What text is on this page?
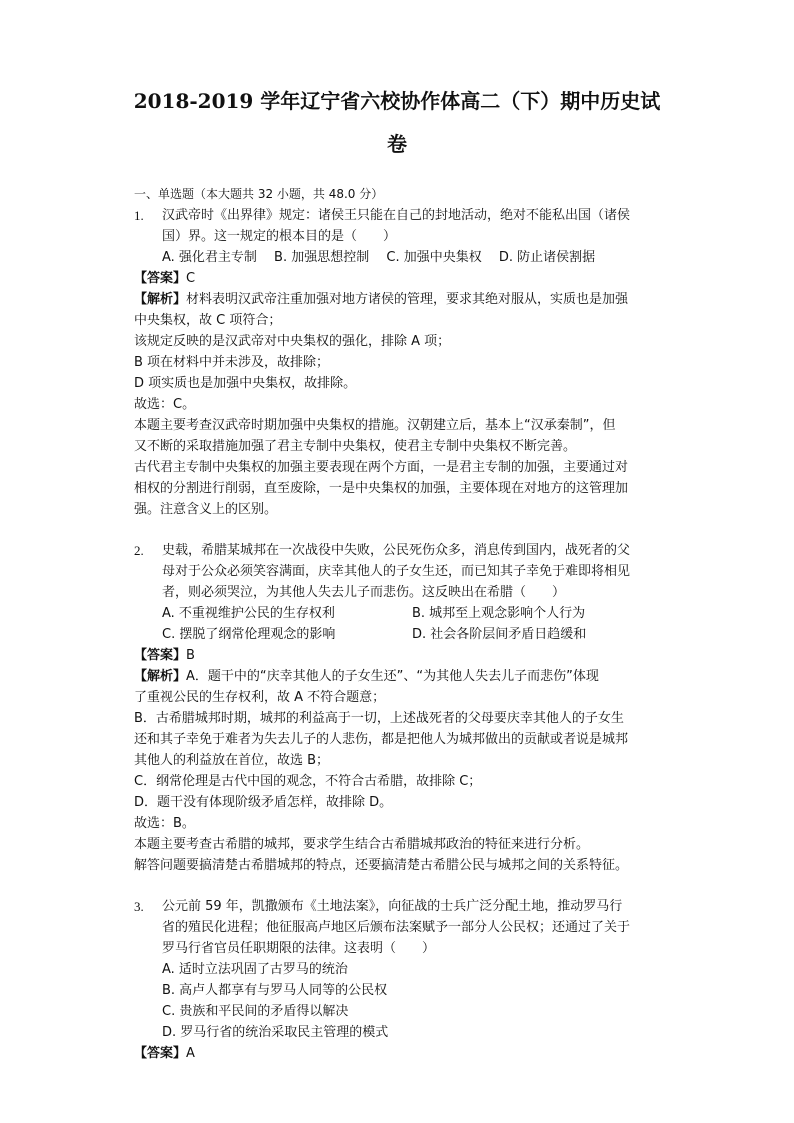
2018-2019 学年辽宁省六校协作体高二（下）期中历史试
卷
一、单选题（本大题共 32 小题，共 48.0 分）
1. 汉武帝时《出界律》规定：诸侯王只能在自己的封地活动，绝对不能私出国（诸侯
国）界。这一规定的根本目的是（　　）
A. 强化君主专制　 B. 加强思想控制　 C. 加强中央集权　 D. 防止诸侯割据
【答案】C
【解析】材料表明汉武帝注重加强对地方诸侯的管理，要求其绝对服从，实质也是加强
中央集权，故 C 项符合；
该规定反映的是汉武帝对中央集权的强化，排除 A 项；
B 项在材料中并未涉及，故排除；
D 项实质也是加强中央集权，故排除。
故选：C。
本题主要考查汉武帝时期加强中央集权的措施。汉朝建立后，基本上“汉承秦制”，但
又不断的采取措施加强了君主专制中央集权，使君主专制中央集权不断完善。
古代君主专制中央集权的加强主要表现在两个方面，一是君主专制的加强，主要通过对
相权的分割进行削弱，直至废除，一是中央集权的加强，主要体现在对地方的这管理加
强。注意含义上的区别。
2. 史载，希腊某城邦在一次战役中失败，公民死伤众多，消息传到国内，战死者的父
母对于公众必须笑容满面，庆幸其他人的子女生还，而已知其子幸免于难即将相见
者，则必须哭泣，为其他人失去儿子而悲伤。这反映出在希腊（　　）
A. 不重视维护公民的生存权利	B. 城邦至上观念影响个人行为
C. 摆脱了纲常伦理观念的影响	D. 社会各阶层间矛盾日趋缓和
【答案】B
【解析】A．题干中的“庆幸其他人的子女生还”、“为其他人失去儿子而悲伤”体现
了重视公民的生存权利，故 A 不符合题意；
B．古希腊城邦时期，城邦的利益高于一切，上述战死者的父母要庆幸其他人的子女生
还和其子幸免于难者为失去儿子的人悲伤，都是把他人为城邦做出的贡献或者说是城邦
其他人的利益放在首位，故选 B；
C．纲常伦理是古代中国的观念，不符合古希腊，故排除 C；
D．题干没有体现阶级矛盾怎样，故排除 D。
故选：B。
本题主要考查古希腊的城邦，要求学生结合古希腊城邦政治的特征来进行分析。
解答问题要搞清楚古希腊城邦的特点，还要搞清楚古希腊公民与城邦之间的关系特征。
3. 公元前 59 年，凯撒颁布《土地法案》，向征战的士兵广泛分配土地，推动罗马行
省的殖民化进程；他征服高卢地区后颁布法案赋予一部分人公民权；还通过了关于
罗马行省官员任职期限的法律。这表明（　　）
A. 适时立法巩固了古罗马的统治
B. 高卢人都享有与罗马人同等的公民权
C. 贵族和平民间的矛盾得以解决
D. 罗马行省的统治采取民主管理的模式
【答案】A
